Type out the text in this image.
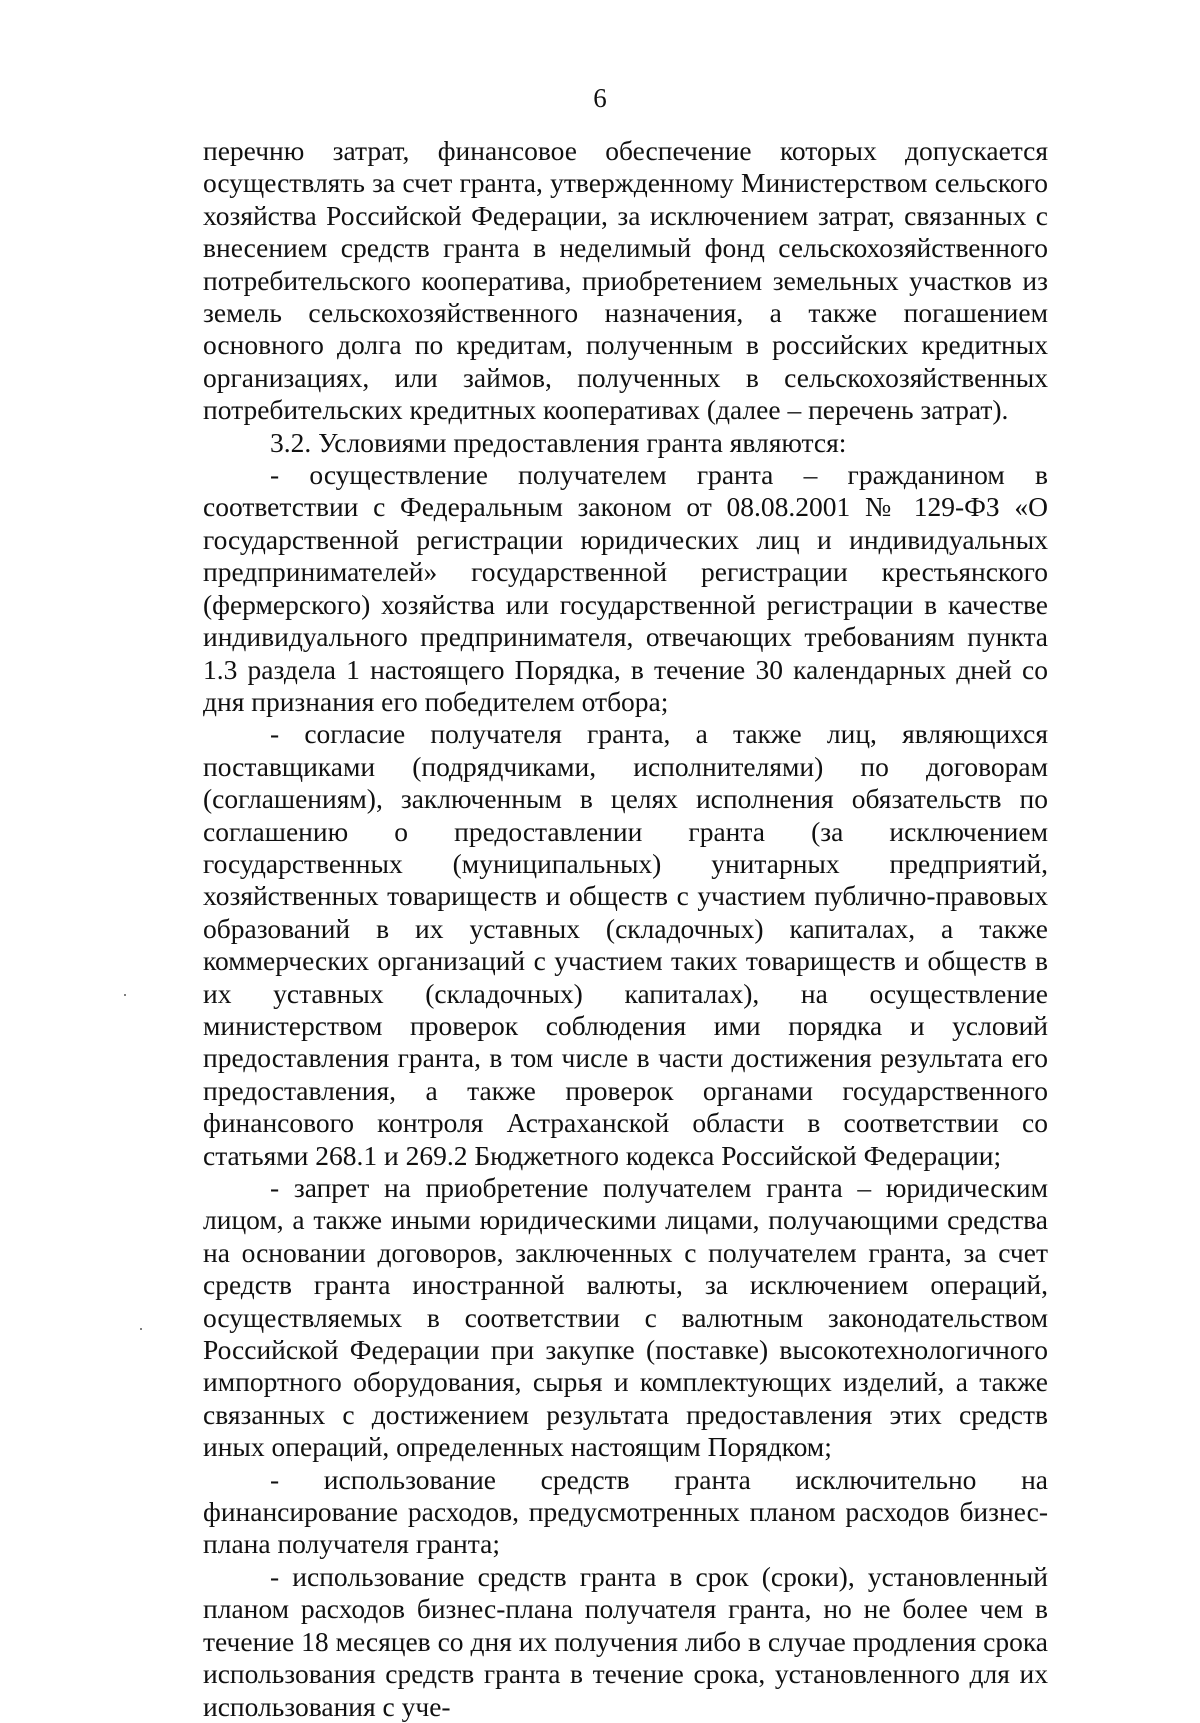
6

перечню затрат, финансовое обеспечение которых допускается осуществлять за счет гранта, утвержденному Министерством сельского хозяйства Российской Федерации, за исключением затрат, связанных с внесением средств гранта в неделимый фонд сельскохозяйственного потребительского кооператива, приобретением земельных участков из земель сельскохозяйственного назначения, а также погашением основного долга по кредитам, полученным в российских кредитных организациях, или займов, полученных в сельскохозяйственных потребительских кредитных кооперативах (далее – перечень затрат).

3.2. Условиями предоставления гранта являются:

- осуществление получателем гранта – гражданином в соответствии с Федеральным законом от 08.08.2001 № 129-ФЗ «О государственной регистрации юридических лиц и индивидуальных предпринимателей» государственной регистрации крестьянского (фермерского) хозяйства или государственной регистрации в качестве индивидуального предпринимателя, отвечающих требованиям пункта 1.3 раздела 1 настоящего Порядка, в течение 30 календарных дней со дня признания его победителем отбора;

- согласие получателя гранта, а также лиц, являющихся поставщиками (подрядчиками, исполнителями) по договорам (соглашениям), заключенным в целях исполнения обязательств по соглашению о предоставлении гранта (за исключением государственных (муниципальных) унитарных предприятий, хозяйственных товариществ и обществ с участием публично-правовых образований в их уставных (складочных) капиталах, а также коммерческих организаций с участием таких товариществ и обществ в их уставных (складочных) капиталах), на осуществление министерством проверок соблюдения ими порядка и условий предоставления гранта, в том числе в части достижения результата его предоставления, а также проверок органами государственного финансового контроля Астраханской области в соответствии со статьями 268.1 и 269.2 Бюджетного кодекса Российской Федерации;

- запрет на приобретение получателем гранта – юридическим лицом, а также иными юридическими лицами, получающими средства на основании договоров, заключенных с получателем гранта, за счет средств гранта иностранной валюты, за исключением операций, осуществляемых в соответствии с валютным законодательством Российской Федерации при закупке (поставке) высокотехнологичного импортного оборудования, сырья и комплектующих изделий, а также связанных с достижением результата предоставления этих средств иных операций, определенных настоящим Порядком;

- использование средств гранта исключительно на финансирование расходов, предусмотренных планом расходов бизнес-плана получателя гранта;

- использование средств гранта в срок (сроки), установленный планом расходов бизнес-плана получателя гранта, но не более чем в течение 18 месяцев со дня их получения либо в случае продления срока использования средств гранта в течение срока, установленного для их использования с уче-
